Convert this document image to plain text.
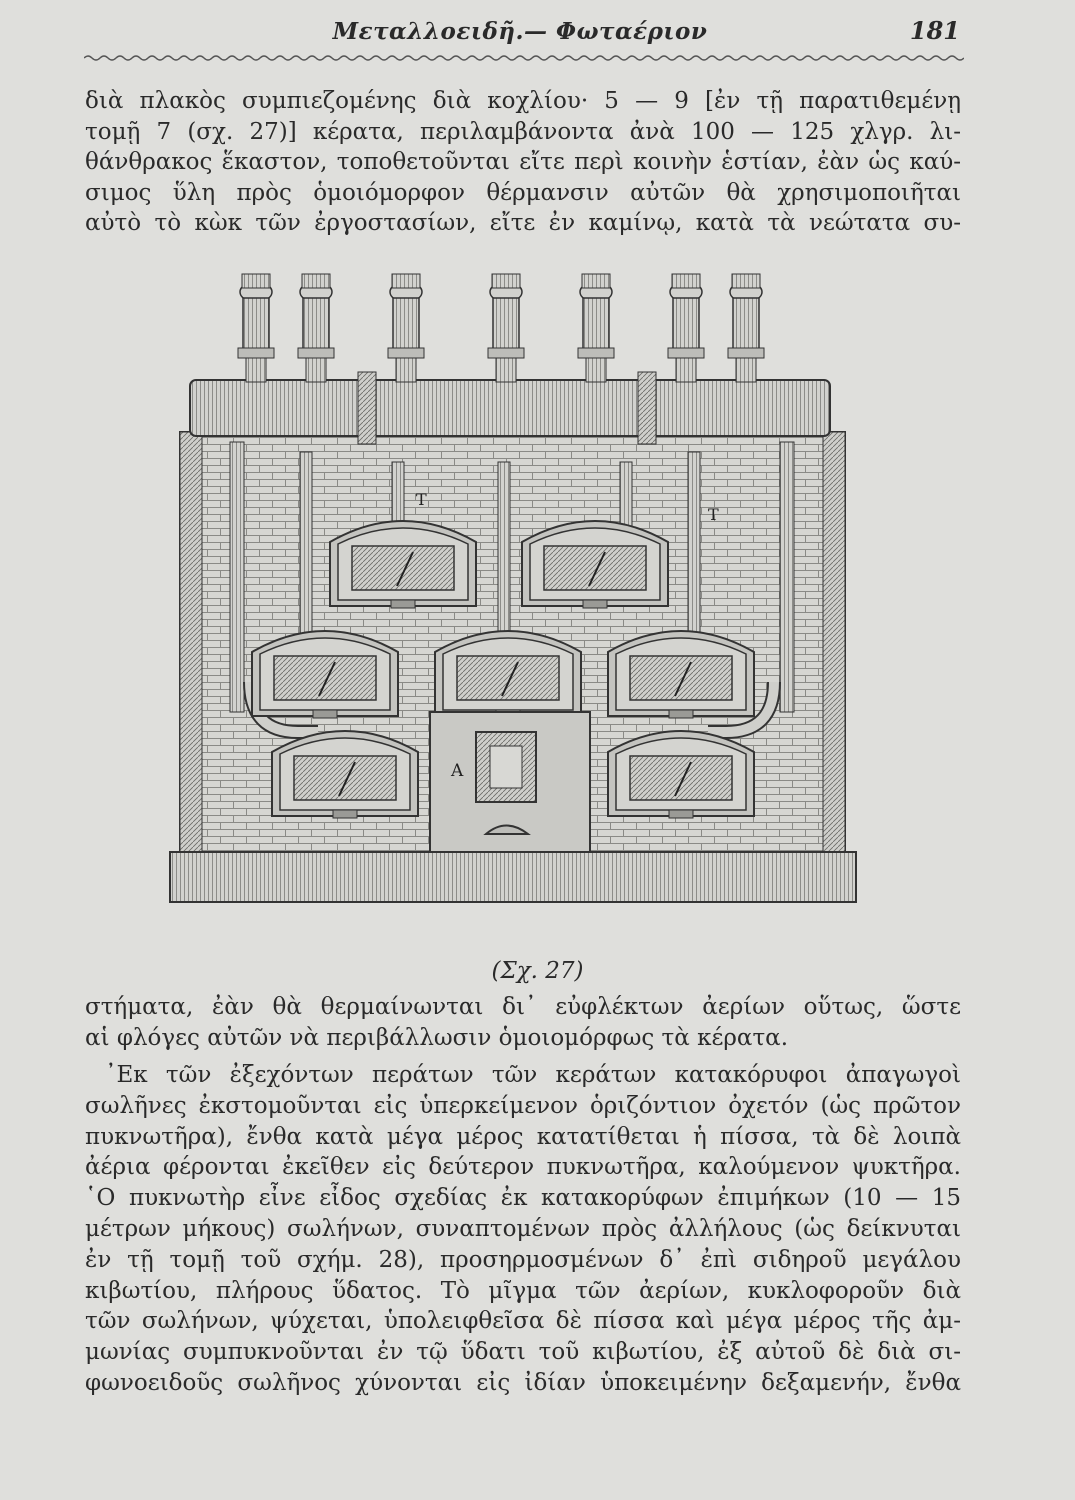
Μεταλλοειδῆ.— Φωταέριον	181

διὰ πλακὸς συμπιεζομένης διὰ κοχλίου· 5 — 9 [ἐν τῇ παρατιθεμένῃ
τομῇ 7 (σχ. 27)] κέρατα, περιλαμβάνοντα ἀνὰ 100 — 125 χλγρ. λι-
θάνθρακος ἕκαστον, τοποθετοῦνται εἴτε περὶ κοινὴν ἑστίαν, ἐὰν ὡς καύ-
σιμος ὕλη πρὸς ὁμοιόμορφον θέρμανσιν αὐτῶν θὰ χρησιμοποιῆται
αὐτὸ τὸ κὼκ τῶν ἐργοστασίων, εἴτε ἐν καμίνῳ, κατὰ τὰ νεώτατα συ-

T
T
A
(Σχ. 27)

στήματα, ἐὰν θὰ θερμαίνωνται δι᾽ εὐφλέκτων ἀερίων οὕτως, ὥστε
αἱ φλόγες αὐτῶν νὰ περιβάλλωσιν ὁμοιομόρφως τὰ κέρατα.

᾽Εκ τῶν ἐξεχόντων περάτων τῶν κεράτων κατακόρυφοι ἀπαγωγοὶ
σωλῆνες ἐκστομοῦνται εἰς ὑπερκείμενον ὁριζόντιον ὀχετόν (ὡς πρῶτον
πυκνωτῆρα), ἔνθα κατὰ μέγα μέρος κατατίθεται ἡ πίσσα, τὰ δὲ λοιπὰ
ἀέρια φέρονται ἐκεῖθεν εἰς δεύτερον πυκνωτῆρα, καλούμενον ψυκτῆρα.
῾Ο πυκνωτὴρ εἶνε εἶδος σχεδίας ἐκ κατακορύφων ἐπιμήκων (10 — 15
μέτρων μήκους) σωλήνων, συναπτομένων πρὸς ἀλλήλους (ὡς δείκνυται
ἐν τῇ τομῇ τοῦ σχήμ. 28), προσηρμοσμένων δ᾽ ἐπὶ σιδηροῦ μεγάλου
κιβωτίου, πλήρους ὕδατος. Τὸ μῖγμα τῶν ἀερίων, κυκλοφοροῦν διὰ
τῶν σωλήνων, ψύχεται, ὑπολειφθεῖσα δὲ πίσσα καὶ μέγα μέρος τῆς ἀμ-
μωνίας συμπυκνοῦνται ἐν τῷ ὕδατι τοῦ κιβωτίου, ἐξ αὐτοῦ δὲ διὰ σι-
φωνοειδοῦς σωλῆνος χύνονται εἰς ἰδίαν ὑποκειμένην δεξαμενήν, ἔνθα
